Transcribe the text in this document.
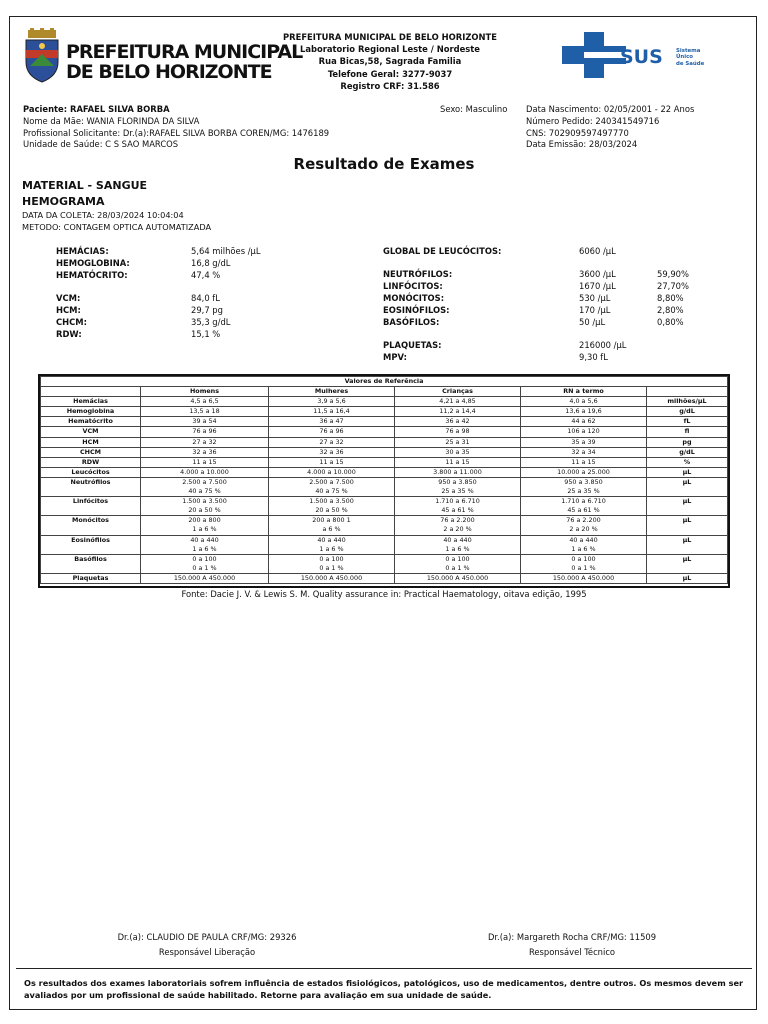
PREFEITURA MUNICIPAL
DE BELO HORIZONTE
PREFEITURA MUNICIPAL DE BELO HORIZONTE
Laboratorio Regional Leste / Nordeste
Rua Bicas,58, Sagrada Familia
Telefone Geral: 3277-9037
Registro CRF: 31.586
SUS Sistema
Único
de Saúde
Paciente: RAFAEL SILVA BORBA
Nome da Mãe: WANIA FLORINDA DA SILVA
Profissional Solicitante: Dr.(a):RAFAEL SILVA BORBA COREN/MG: 1476189
Unidade de Saúde: C S SAO MARCOS
Sexo: Masculino Data Nascimento: 02/05/2001 - 22 Anos
Número Pedido: 240341549716
CNS: 702909597497770
Data Emissão: 28/03/2024
Resultado de Exames
MATERIAL - SANGUE
HEMOGRAMA
DATA DA COLETA: 28/03/2024 10:04:04
METODO: CONTAGEM OPTICA AUTOMATIZADA
HEMÁCIAS:	5,64 milhões /µL
HEMOGLOBINA:	16,8 g/dL
HEMATÓCRITO:	47,4 %
VCM:	84,0 fL
HCM:	29,7 pg
CHCM:	35,3 g/dL
RDW:	15,1 %
GLOBAL DE LEUCÓCITOS:	6060 /µL
NEUTRÓFILOS:	3600 /µL	59,90%
LINFÓCITOS:	1670 /µL	27,70%
MONÓCITOS:	530 /µL	8,80%
EOSINÓFILOS:	170 /µL	2,80%
BASÓFILOS:	50 /µL	0,80%
PLAQUETAS:	216000 /µL
MPV:	9,30 fL
Valores de Referência					
	Homens	Mulheres	Crianças	RN a termo	
Hemácias	4,5 a 6,5	3,9 a 5,6	4,21 a 4,85	4,0 a 5,6	milhões/µL
Hemoglobina	13,5 a 18	11,5 a 16,4	11,2 a 14,4	13,6 a 19,6	g/dL
Hematócrito	39 a 54	36 a 47	36 a 42	44 a 62	fL
VCM	76 a 96	76 a 96	76 a 98	106 a 120	fl
HCM	27 a 32	27 a 32	25 a 31	35 a 39	pg
CHCM	32 a 36	32 a 36	30 a 35	32 a 34	g/dL
RDW	11 a 15	11 a 15	11 a 15	11 a 15	%
Leucócitos	4.000 a 10.000	4.000 a 10.000	3.800 a 11.000	10.000 a 25.000	µL
Neutrófilos	2.500 a 7.500	2.500 a 7.500	950 a 3.850	950 a 3.850	µL
	40 a 75 %	40 a 75 %	25 a 35 %	25 a 35 %	
Linfócitos	1.500 a 3.500	1.500 a 3.500	1.710 a 6.710	1.710 a 6.710	µL
	20 a 50 %	20 a 50 %	45 a 61 %	45 a 61 %	
Monócitos	200 a 800	200 a 800 1	76 a 2.200	76 a 2.200	µL
	1 a 6 %	a 6 %	2 a 20 %	2 a 20 %	
Eosinófilos	40 a 440	40 a 440	40 a 440	40 a 440	µL
	1 a 6 %	1 a 6 %	1 a 6 %	1 a 6 %	
Basófilos	0 a 100	0 a 100	0 a 100	0 a 100	µL
	0 a 1 %	0 a 1 %	0 a 1 %	0 a 1 %	
Plaquetas	150.000 A 450.000	150.000 A 450.000	150.000 A 450.000	150.000 A 450.000	µL
Fonte: Dacie J. V. & Lewis S. M. Quality assurance in: Practical Haematology, oitava edição, 1995
Dr.(a): CLAUDIO DE PAULA CRF/MG: 29326
Responsável Liberação
Dr.(a): Margareth Rocha CRF/MG: 11509
Responsável Técnico

Os resultados dos exames laboratoriais sofrem influência de estados fisiológicos, patológicos, uso de medicamentos, dentre outros. Os mesmos devem ser avaliados por um profissional de saúde habilitado. Retorne para avaliação em sua unidade de saúde.
